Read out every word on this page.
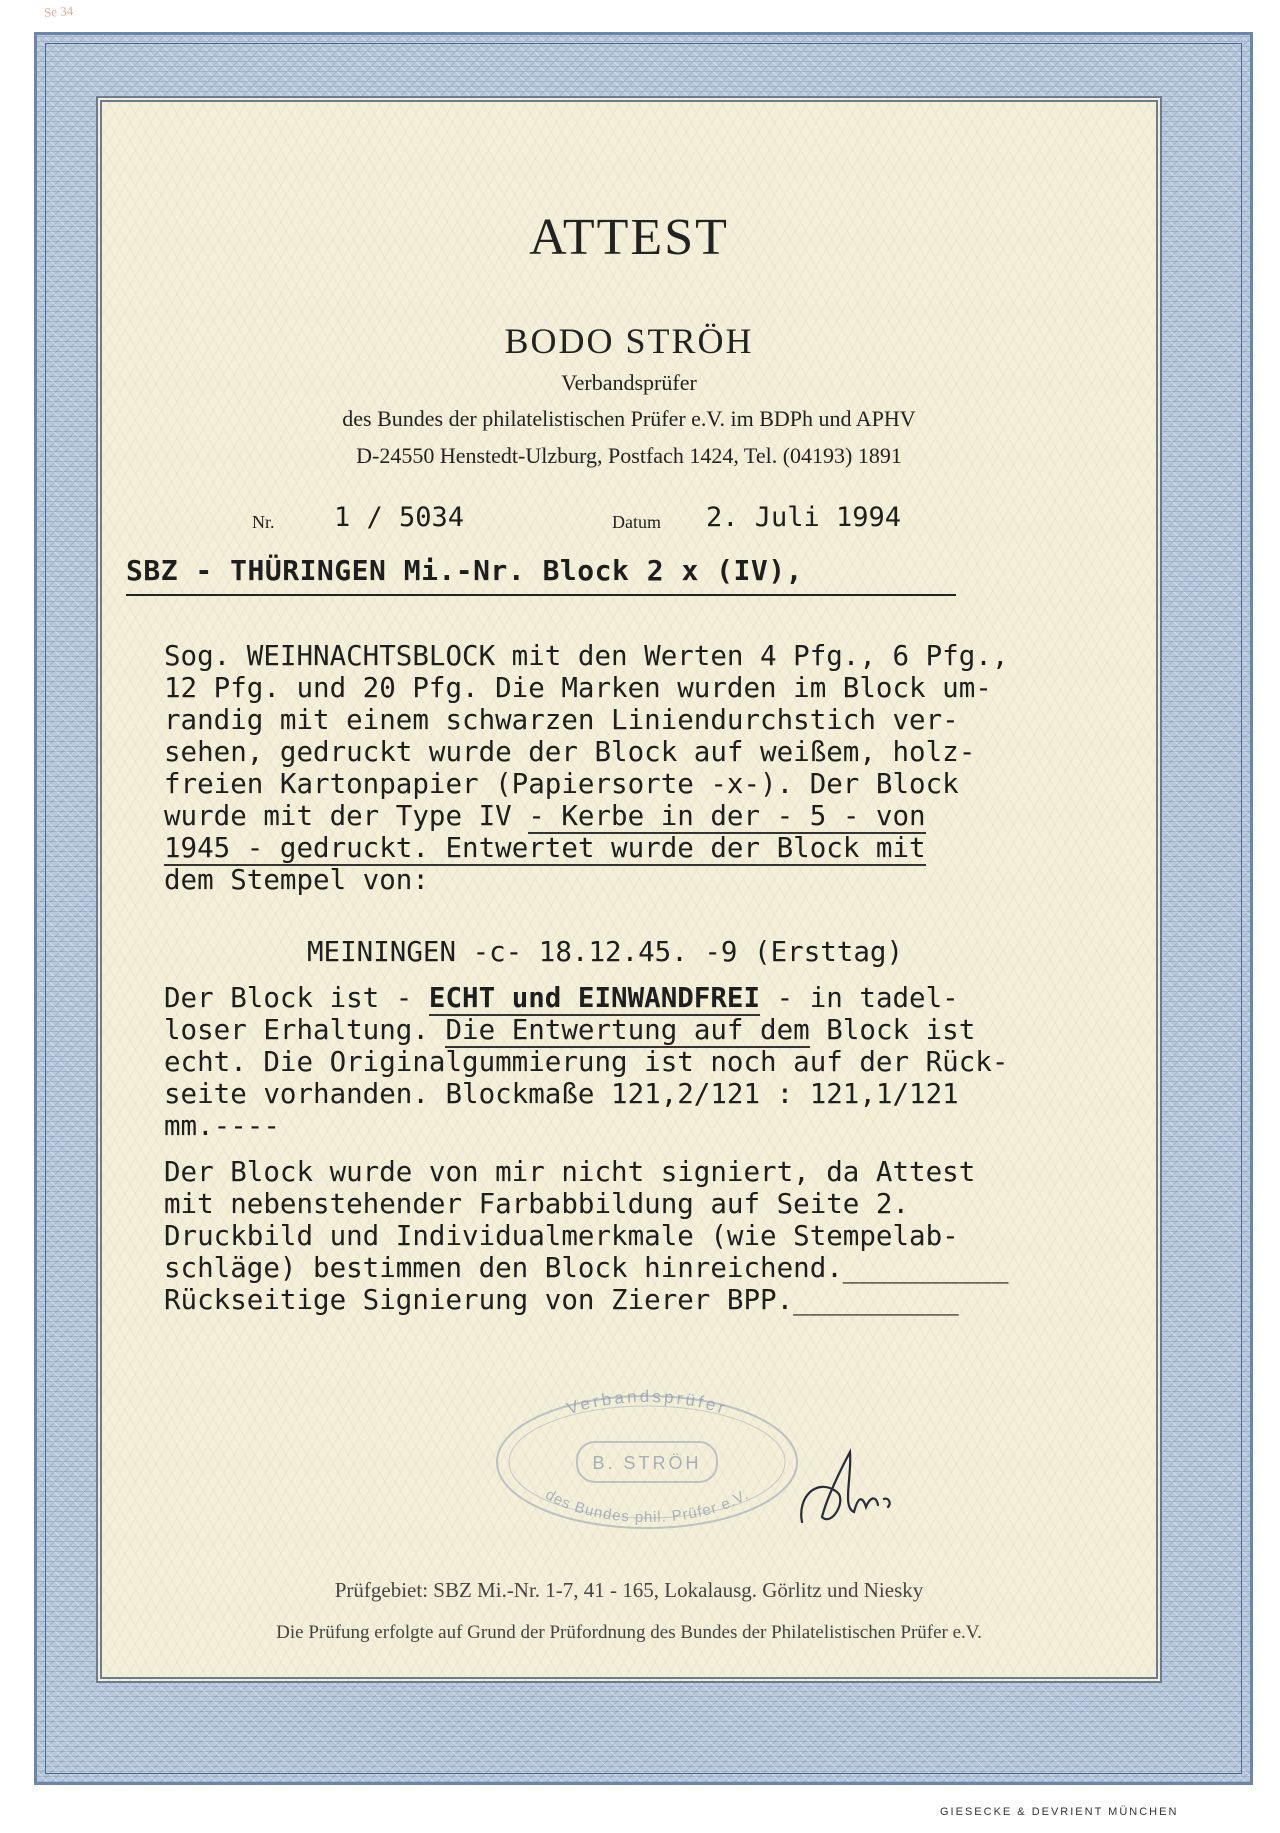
Se 34
ATTEST
BODO STRÖH
Verbandsprüfer
des Bundes der philatelistischen Prüfer e.V. im BDPh und APHV
D-24550 Henstedt-Ulzburg, Postfach 1424, Tel. (04193) 1891
Nr. 1 / 5034	Datum 2. Juli 1994
SBZ - THÜRINGEN Mi.-Nr. Block 2 x (IV),
Sog. WEIHNACHTSBLOCK mit den Werten 4 Pfg., 6 Pfg.,
12 Pfg. und 20 Pfg. Die Marken wurden im Block um-
randig mit einem schwarzen Liniendurchstich ver-
sehen, gedruckt wurde der Block auf weißem, holz-
freien Kartonpapier (Papiersorte -x-). Der Block
wurde mit der Type IV - Kerbe in der - 5 - von
1945 - gedruckt. Entwertet wurde der Block mit
dem Stempel von:
MEININGEN -c- 18.12.45. -9 (Ersttag)
Der Block ist - ECHT und EINWANDFREI - in tadel-
loser Erhaltung. Die Entwertung auf dem Block ist
echt. Die Originalgummierung ist noch auf der Rück-
seite vorhanden. Blockmaße 121,2/121 : 121,1/121
mm.----
Der Block wurde von mir nicht signiert, da Attest
mit nebenstehender Farbabbildung auf Seite 2.
Druckbild und Individualmerkmale (wie Stempelab-
schläge) bestimmen den Block hinreichend.__________
Rückseitige Signierung von Zierer BPP.__________
Verbandsprüfer
B. STRÖH
des Bundes phil. Prüfer e.V.
Prüfgebiet: SBZ Mi.-Nr. 1-7, 41 - 165, Lokalausg. Görlitz und Niesky
Die Prüfung erfolgte auf Grund der Prüfordnung des Bundes der Philatelistischen Prüfer e.V.
GIESECKE & DEVRIENT MÜNCHEN
